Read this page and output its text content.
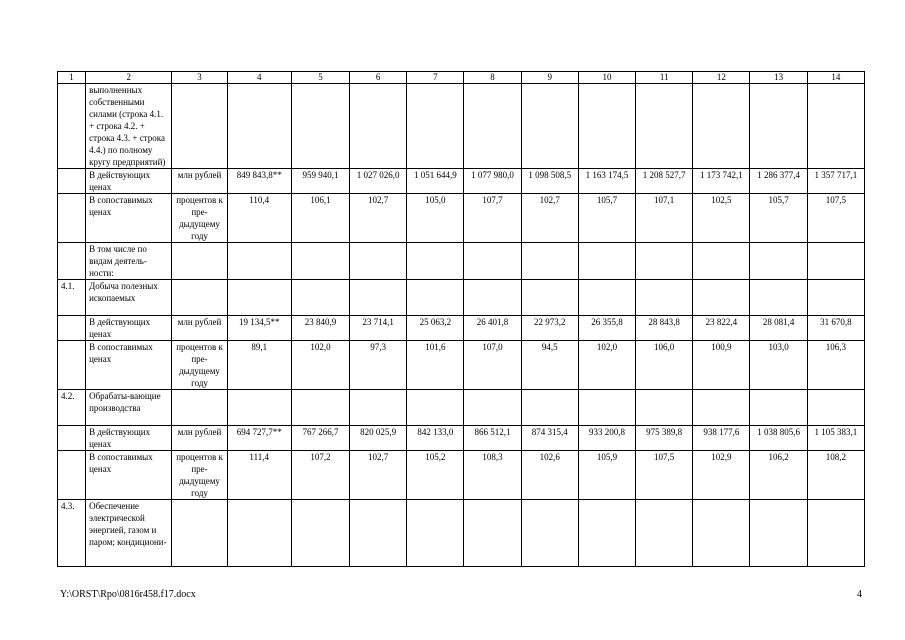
1	2	3	4	5	6	7	8	9	10	11	12	13	14
	выполненных собственными силами (строка 4.1. + строка 4.2. + строка 4.3. + строка 4.4.) по полному кругу предприятий)												
	В действующих ценах	млн рублей	849 843,8**	959 940,1	1 027 026,0	1 051 644,9	1 077 980,0	1 098 508,5	1 163 174,5	1 208 527,7	1 173 742,1	1 286 377,4	1 357 717,1
	В сопоставимых ценах	процентов к пре-дыдущему году	110,4	106,1	102,7	105,0	107,7	102,7	105,7	107,1	102,5	105,7	107,5
	В том числе по видам деятель-ности:												
4.1.	Добыча полезных ископаемых												
	В действующих ценах	млн рублей	19 134,5**	23 840,9	23 714,1	25 063,2	26 401,8	22 973,2	26 355,8	28 843,8	23 822,4	28 081,4	31 670,8
	В сопоставимых ценах	процентов к пре-дыдущему году	89,1	102,0	97,3	101,6	107,0	94,5	102,0	106,0	100,9	103,0	106,3
4.2.	Обрабаты-вающие производства												
	В действующих ценах	млн рублей	694 727,7**	767 266,7	820 025,9	842 133,0	866 512,1	874 315,4	933 200,8	975 389,8	938 177,6	1 038 805,6	1 105 383,1
	В сопоставимых ценах	процентов к пре-дыдущему году	111,4	107,2	102,7	105,2	108,3	102,6	105,9	107,5	102,9	106,2	108,2
4.3.	Обеспечение электрической энергией, газом и паром; кондициони-												
Y:\ORST\Rpo\0816r458.f17.docx	4
